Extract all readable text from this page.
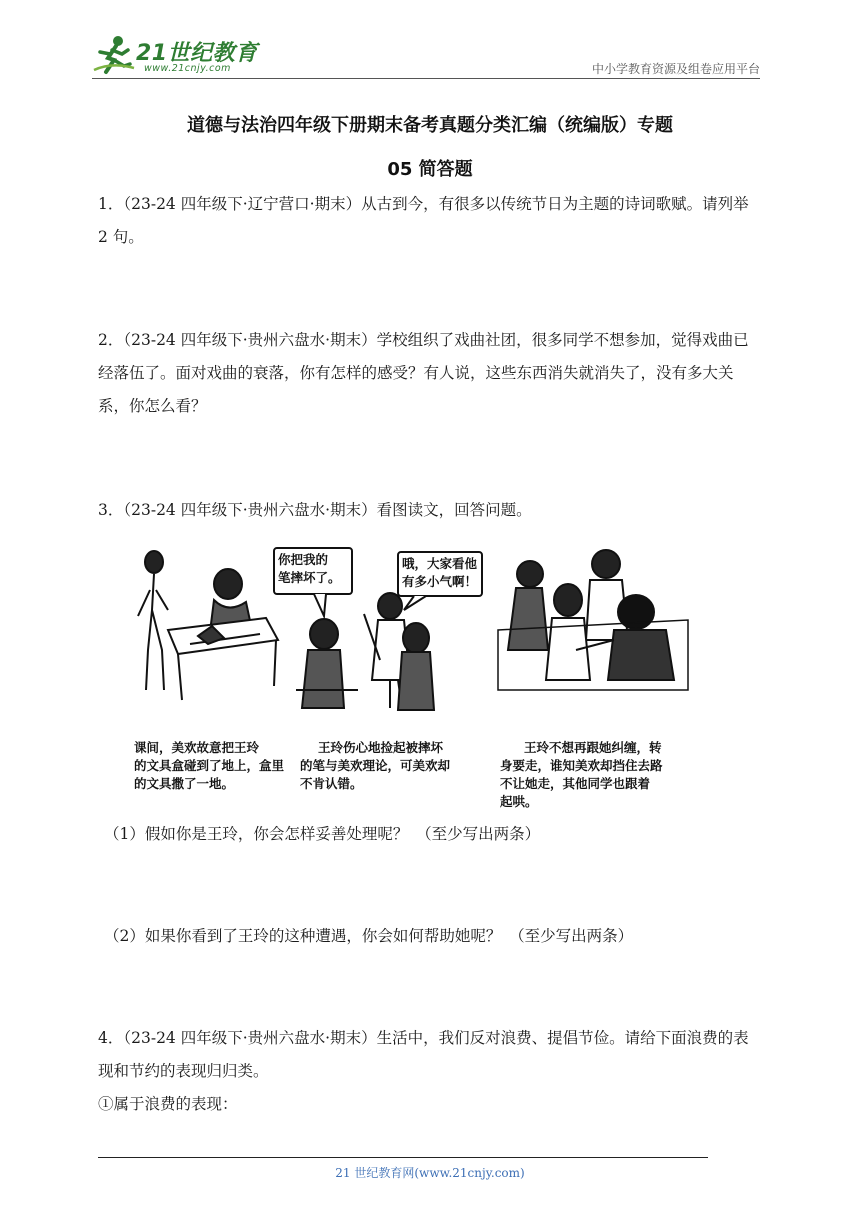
21世纪教育
www.21cnjy.com	中小学教育资源及组卷应用平台
道德与法治四年级下册期末备考真题分类汇编（统编版）专题
05 简答题

1．（23-24 四年级下·辽宁营口·期末）从古到今，有很多以传统节日为主题的诗词歌赋。请列举 2 句。

2．（23-24 四年级下·贵州六盘水·期末）学校组织了戏曲社团，很多同学不想参加，觉得戏曲已经落伍了。面对戏曲的衰落，你有怎样的感受？有人说，这些东西消失就消失了，没有多大关系，你怎么看？

3．（23-24 四年级下·贵州六盘水·期末）看图读文，回答问题。

课间，美欢故意把王玲
的文具盒碰到了地上，盒里
的文具撒了一地。
你把我的
笔摔坏了。
哦，大家看他
有多小气啊！
王玲伤心地捡起被摔坏
的笔与美欢理论，可美欢却
不肯认错。
王玲不想再跟她纠缠，转
身要走，谁知美欢却挡住去路
不让她走，其他同学也跟着
起哄。

（1）假如你是王玲，你会怎样妥善处理呢？　（至少写出两条）

（2）如果你看到了王玲的这种遭遇，你会如何帮助她呢？　（至少写出两条）

4．（23-24 四年级下·贵州六盘水·期末）生活中，我们反对浪费、提倡节俭。请给下面浪费的表现和节约的表现归归类。
①属于浪费的表现：
21 世纪教育网(www.21cnjy.com)
